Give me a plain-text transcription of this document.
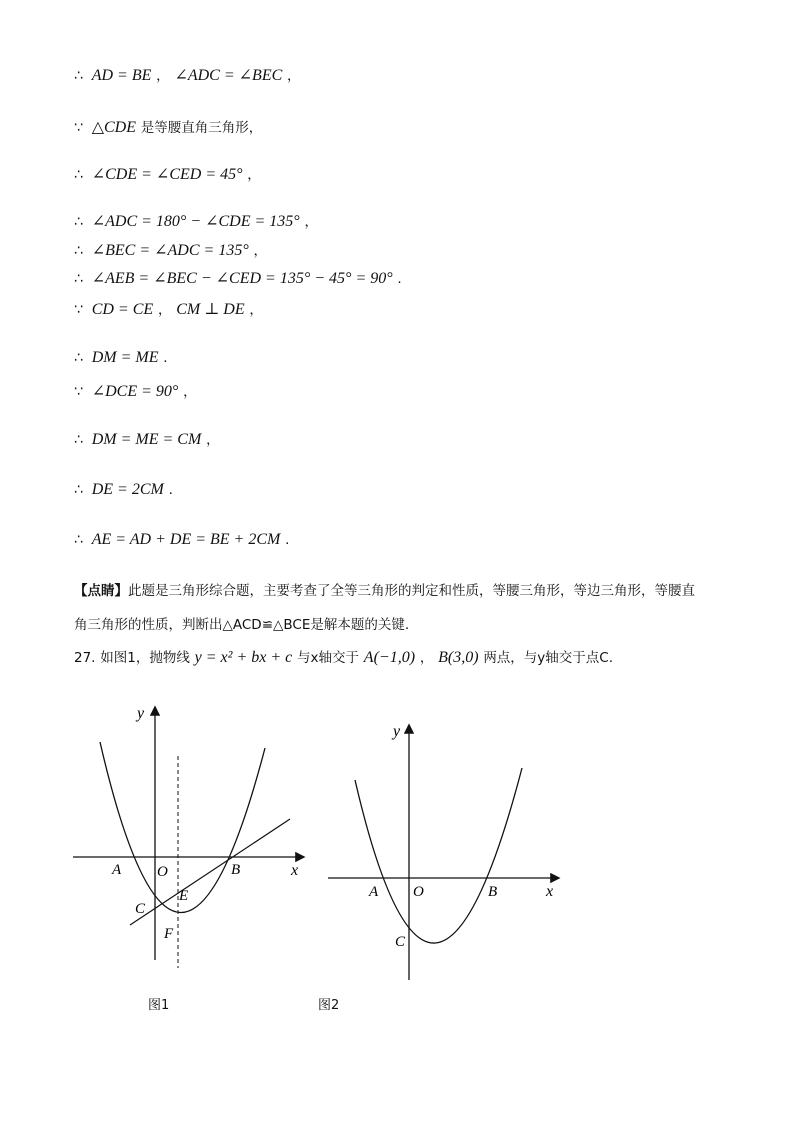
∴ AD = BE ， ∠ADC = ∠BEC ，
∵ △CDE 是等腰直角三角形，
∴ ∠CDE = ∠CED = 45° ，
∴ ∠ADC = 180° − ∠CDE = 135° ，
∴ ∠BEC = ∠ADC = 135° ，
∴ ∠AEB = ∠BEC − ∠CED = 135° − 45° = 90° .
∵ CD = CE ， CM ⊥ DE ，
∴ DM = ME .
∵ ∠DCE = 90° ，
∴ DM = ME = CM ，
∴ DE = 2CM .
∴ AE = AD + DE = BE + 2CM .
【点睛】此题是三角形综合题，主要考查了全等三角形的判定和性质，等腰三角形，等边三角形，等腰直
角三角形的性质，判断出△ACD≌△BCE是解本题的关键.
27. 如图1，抛物线 y = x² + bx + c 与x轴交于 A(−1,0) ， B(3,0) 两点，与y轴交于点C.
y
x
O
A	B
C
E
F
y
x
O
A	B
C
图1	图2
